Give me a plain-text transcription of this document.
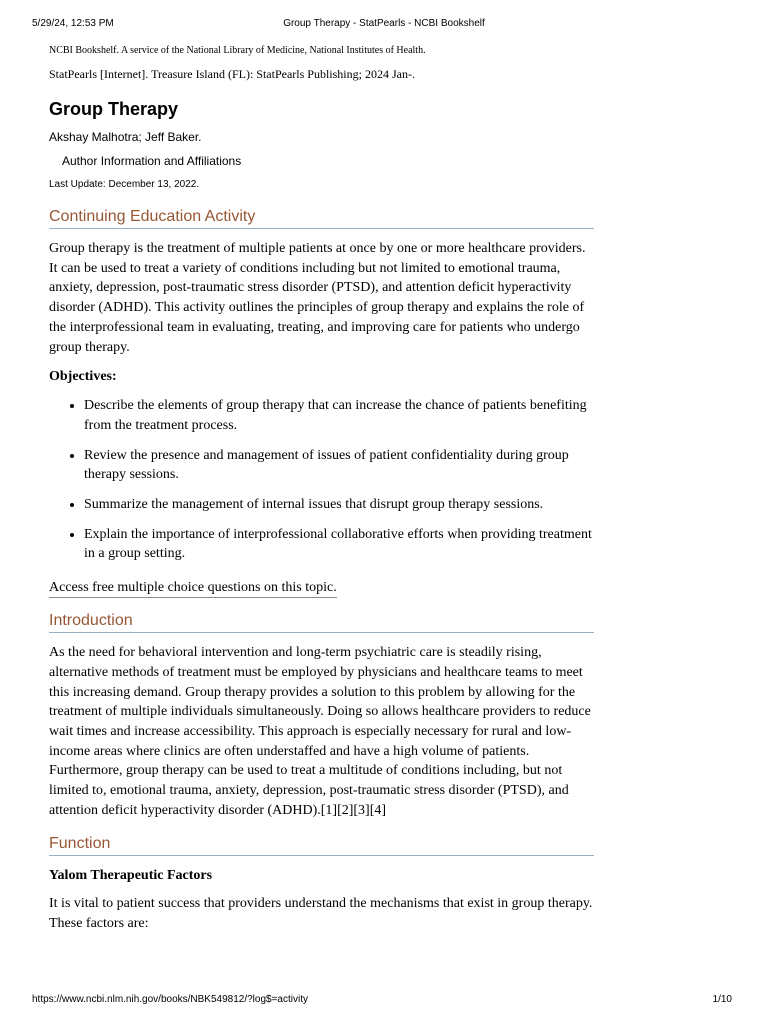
5/29/24, 12:53 PM	Group Therapy - StatPearls - NCBI Bookshelf
NCBI Bookshelf. A service of the National Library of Medicine, National Institutes of Health.
StatPearls [Internet]. Treasure Island (FL): StatPearls Publishing; 2024 Jan-.
Group Therapy
Akshay Malhotra; Jeff Baker.
Author Information and Affiliations
Last Update: December 13, 2022.
Continuing Education Activity

Group therapy is the treatment of multiple patients at once by one or more healthcare providers. It can be used to treat a variety of conditions including but not limited to emotional trauma, anxiety, depression, post-traumatic stress disorder (PTSD), and attention deficit hyperactivity disorder (ADHD). This activity outlines the principles of group therapy and explains the role of the interprofessional team in evaluating, treating, and improving care for patients who undergo group therapy.

Objectives:
• Describe the elements of group therapy that can increase the chance of patients benefiting from the treatment process.
• Review the presence and management of issues of patient confidentiality during group therapy sessions.
• Summarize the management of internal issues that disrupt group therapy sessions.
• Explain the importance of interprofessional collaborative efforts when providing treatment in a group setting.
Access free multiple choice questions on this topic.
Introduction

As the need for behavioral intervention and long-term psychiatric care is steadily rising, alternative methods of treatment must be employed by physicians and healthcare teams to meet this increasing demand. Group therapy provides a solution to this problem by allowing for the treatment of multiple individuals simultaneously. Doing so allows healthcare providers to reduce wait times and increase accessibility. This approach is especially necessary for rural and low-income areas where clinics are often understaffed and have a high volume of patients. Furthermore, group therapy can be used to treat a multitude of conditions including, but not limited to, emotional trauma, anxiety, depression, post-traumatic stress disorder (PTSD), and attention deficit hyperactivity disorder (ADHD).[1][2][3][4]

Function
Yalom Therapeutic Factors

It is vital to patient success that providers understand the mechanisms that exist in group therapy. These factors are:

https://www.ncbi.nlm.nih.gov/books/NBK549812/?log$=activity	1/10
